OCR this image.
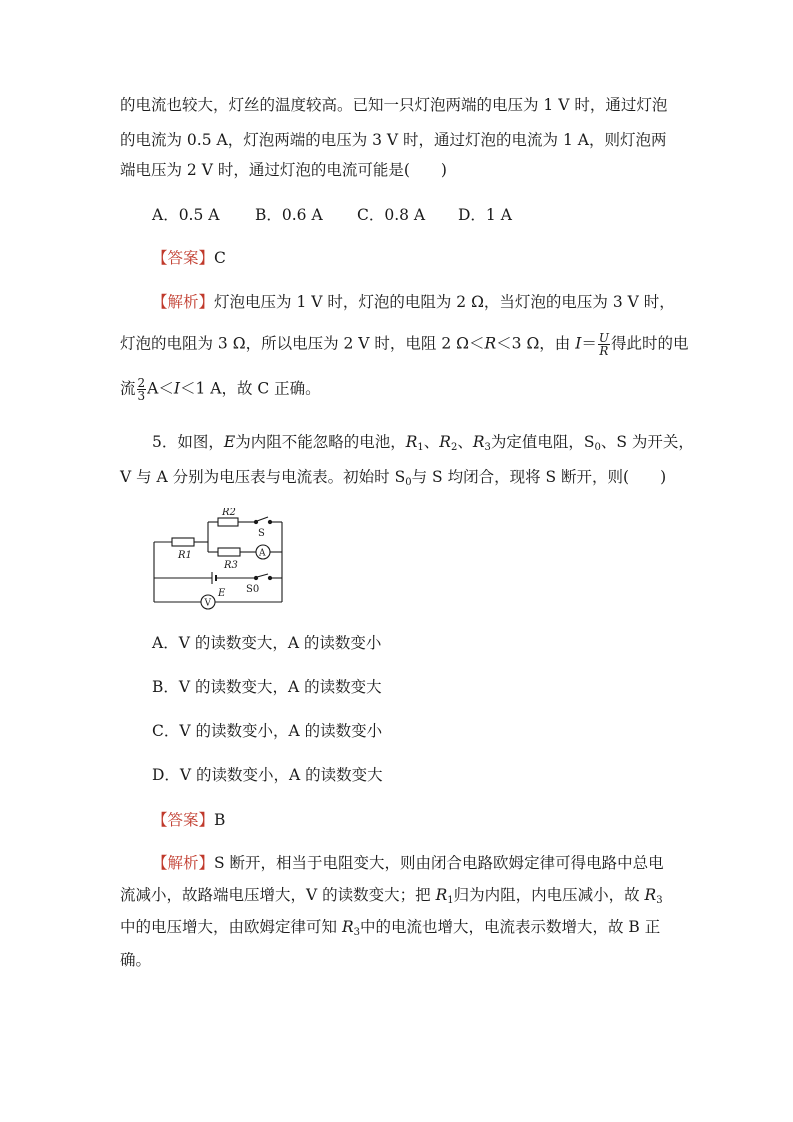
的电流也较大，灯丝的温度较高。已知一只灯泡两端的电压为 1 V 时，通过灯泡
的电流为 0.5 A，灯泡两端的电压为 3 V 时，通过灯泡的电流为 1 A，则灯泡两
端电压为 2 V 时，通过灯泡的电流可能是(　　)
A．0.5 A B．0.6 A C．0.8 A D．1 A
【答案】C
【解析】灯泡电压为 1 V 时，灯泡的电阻为 2 Ω，当灯泡的电压为 3 V 时，
灯泡的电阻为 3 Ω，所以电压为 2 V 时，电阻 2 Ω＜R＜3 Ω，由 $I= \frac{U}{R}$ 得此时的电
流 $\frac{2}{3} A<I<1$ A，故 C 正确。
5．如图，E为内阻不能忽略的电池，$R_1$、$R_2$、$R_3$为定值电阻，$S_0$、S 为开关，
V 与 A 分别为电压表与电流表。初始时 $S_0$与 S 均闭合，现将 S 断开，则(　　)
R2
S
R1
R3
A
E S0
V
A．V 的读数变大，A 的读数变小
B．V 的读数变大，A 的读数变大
C．V 的读数变小，A 的读数变小
D．V 的读数变小，A 的读数变大
【答案】B
【解析】S 断开，相当于电阻变大，则由闭合电路欧姆定律可得电路中总电
流减小，故路端电压增大，V 的读数变大；把 $R_1$归为内阻，内电压减小，故 $R_3$
中的电压增大，由欧姆定律可知 $R_3$中的电流也增大，电流表示数增大，故 B 正
确。
